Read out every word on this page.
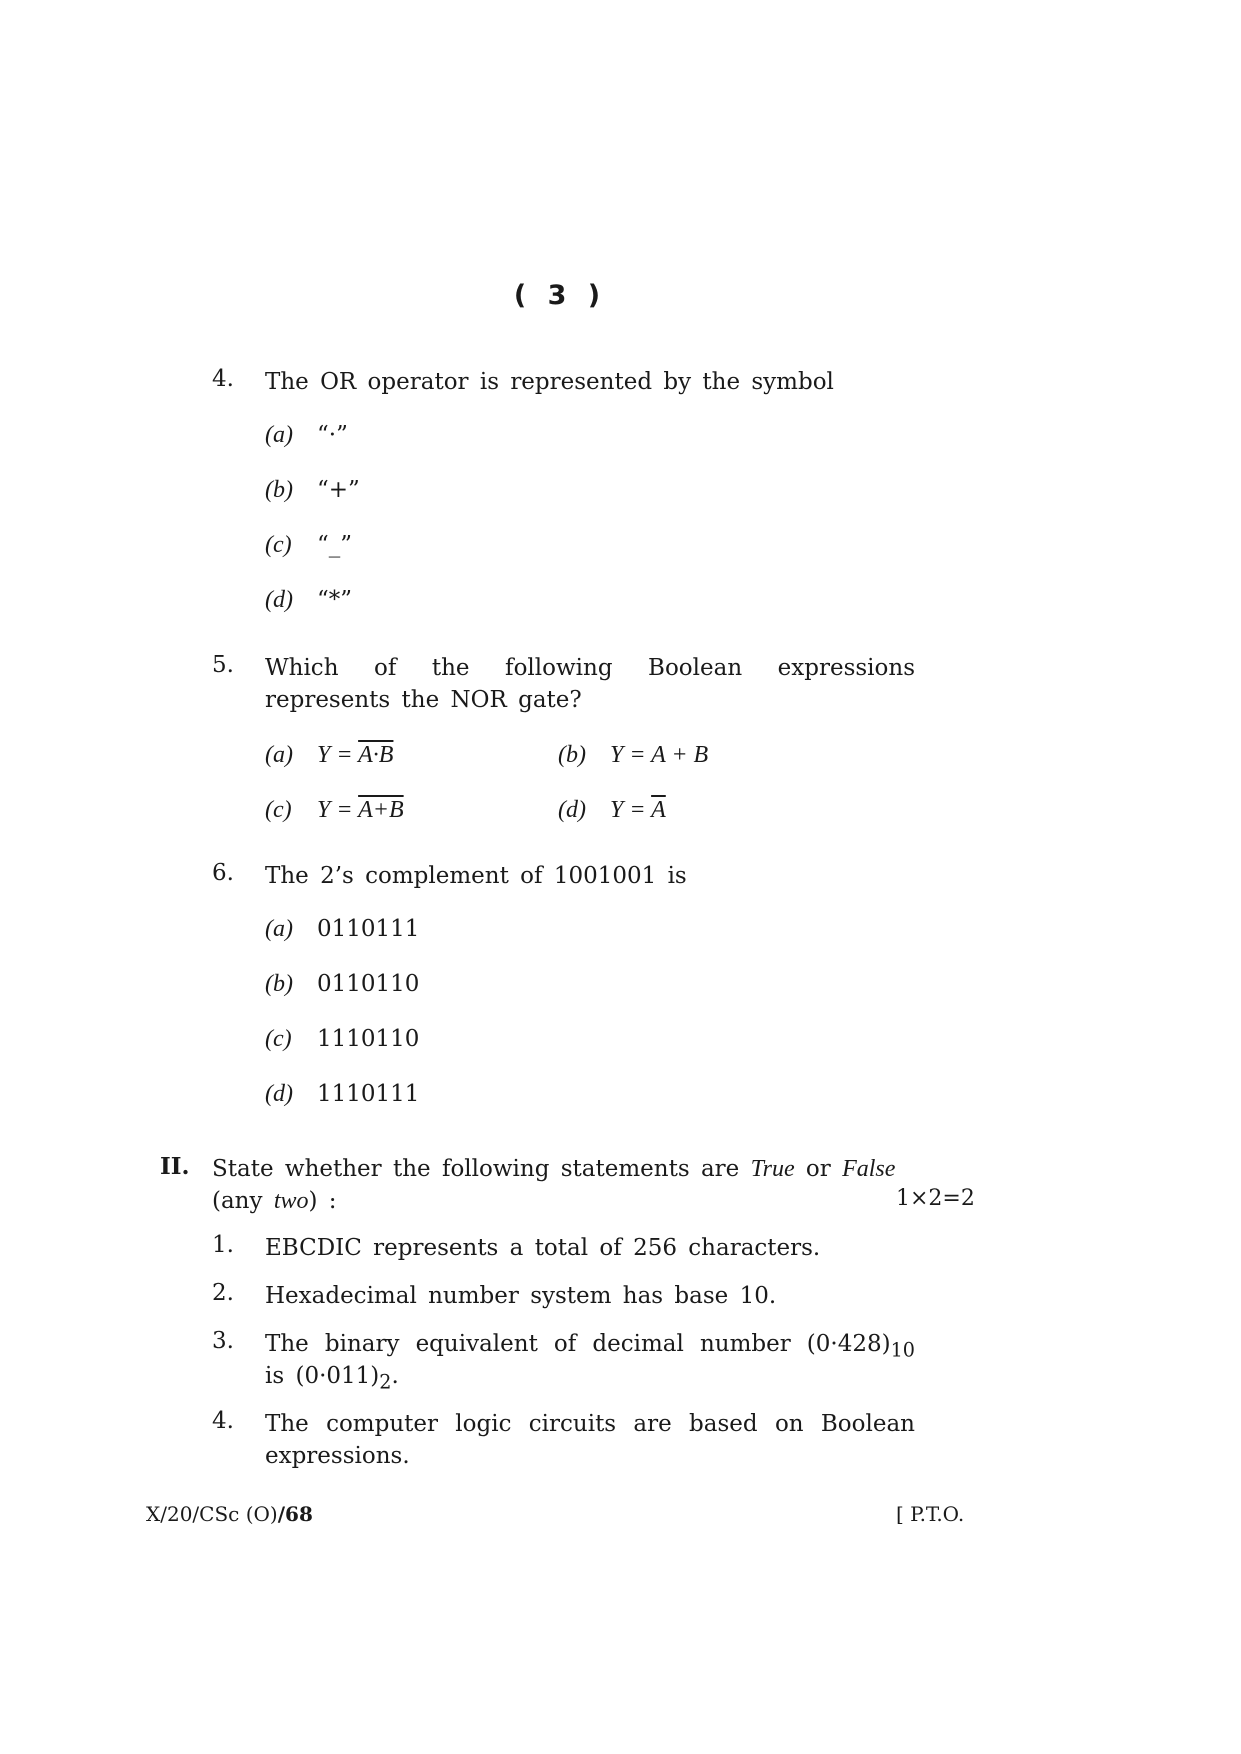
( 3 )
4. The OR operator is represented by the symbol
(a) “·”
(b) “+”
(c) “_”
(d) “*”
5. Which of the following Boolean expressions
represents the NOR gate?
(a) Y = A·B	(b) Y = A + B
(c) Y = A+B	(d) $Y = \overline{A}$
6. The 2’s complement of 1001001 is
(a) 0110111
(b) 0110110
(c) 1110110
(d) 1110111
II. State whether the following statements are True or False
(any two) :	1×2=2
1. EBCDIC represents a total of 256 characters.
2. Hexadecimal number system has base 10.
3. The binary equivalent of decimal number $(0\cdot 428)_{10}$
is $(0\cdot 011)_2$.
4. The computer logic circuits are based on Boolean
expressions.
X/20/CSc (O)/68	[ P.T.O.
